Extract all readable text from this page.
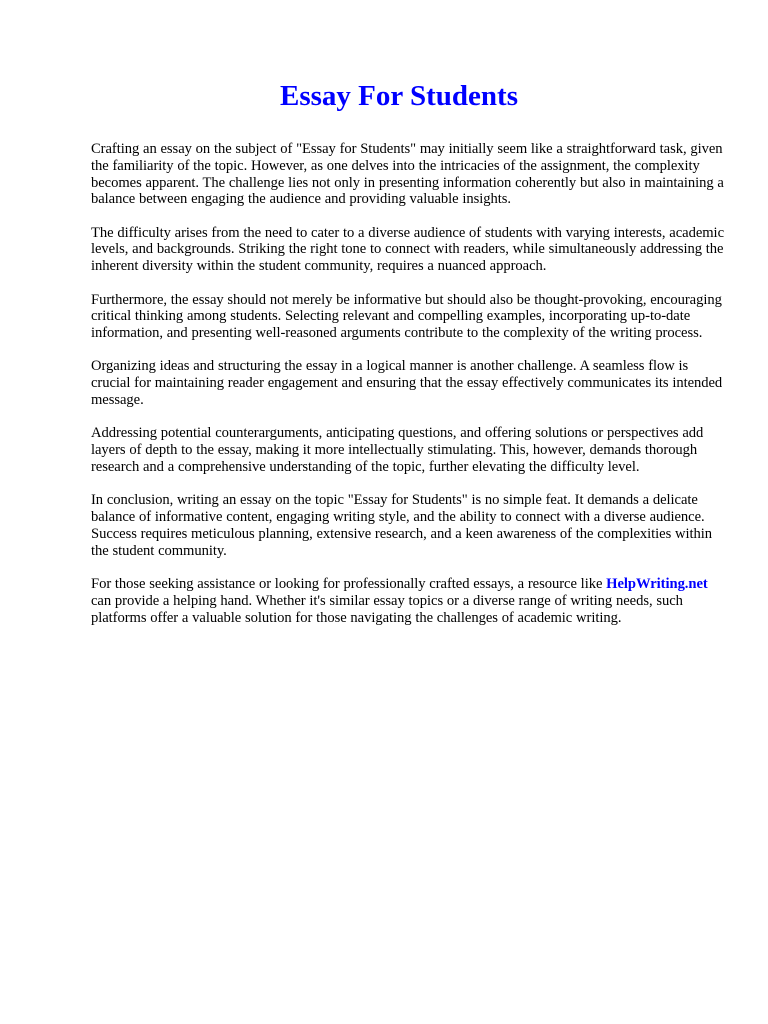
Essay For Students

Crafting an essay on the subject of "Essay for Students" may initially seem like a straightforward task, given the familiarity of the topic. However, as one delves into the intricacies of the assignment, the complexity becomes apparent. The challenge lies not only in presenting information coherently but also in maintaining a balance between engaging the audience and providing valuable insights.

The difficulty arises from the need to cater to a diverse audience of students with varying interests, academic levels, and backgrounds. Striking the right tone to connect with readers, while simultaneously addressing the inherent diversity within the student community, requires a nuanced approach.

Furthermore, the essay should not merely be informative but should also be thought-provoking, encouraging critical thinking among students. Selecting relevant and compelling examples, incorporating up-to-date information, and presenting well-reasoned arguments contribute to the complexity of the writing process.

Organizing ideas and structuring the essay in a logical manner is another challenge. A seamless flow is crucial for maintaining reader engagement and ensuring that the essay effectively communicates its intended message.

Addressing potential counterarguments, anticipating questions, and offering solutions or perspectives add layers of depth to the essay, making it more intellectually stimulating. This, however, demands thorough research and a comprehensive understanding of the topic, further elevating the difficulty level.

In conclusion, writing an essay on the topic "Essay for Students" is no simple feat. It demands a delicate balance of informative content, engaging writing style, and the ability to connect with a diverse audience. Success requires meticulous planning, extensive research, and a keen awareness of the complexities within the student community.

For those seeking assistance or looking for professionally crafted essays, a resource like HelpWriting.net can provide a helping hand. Whether it's similar essay topics or a diverse range of writing needs, such platforms offer a valuable solution for those navigating the challenges of academic writing.
